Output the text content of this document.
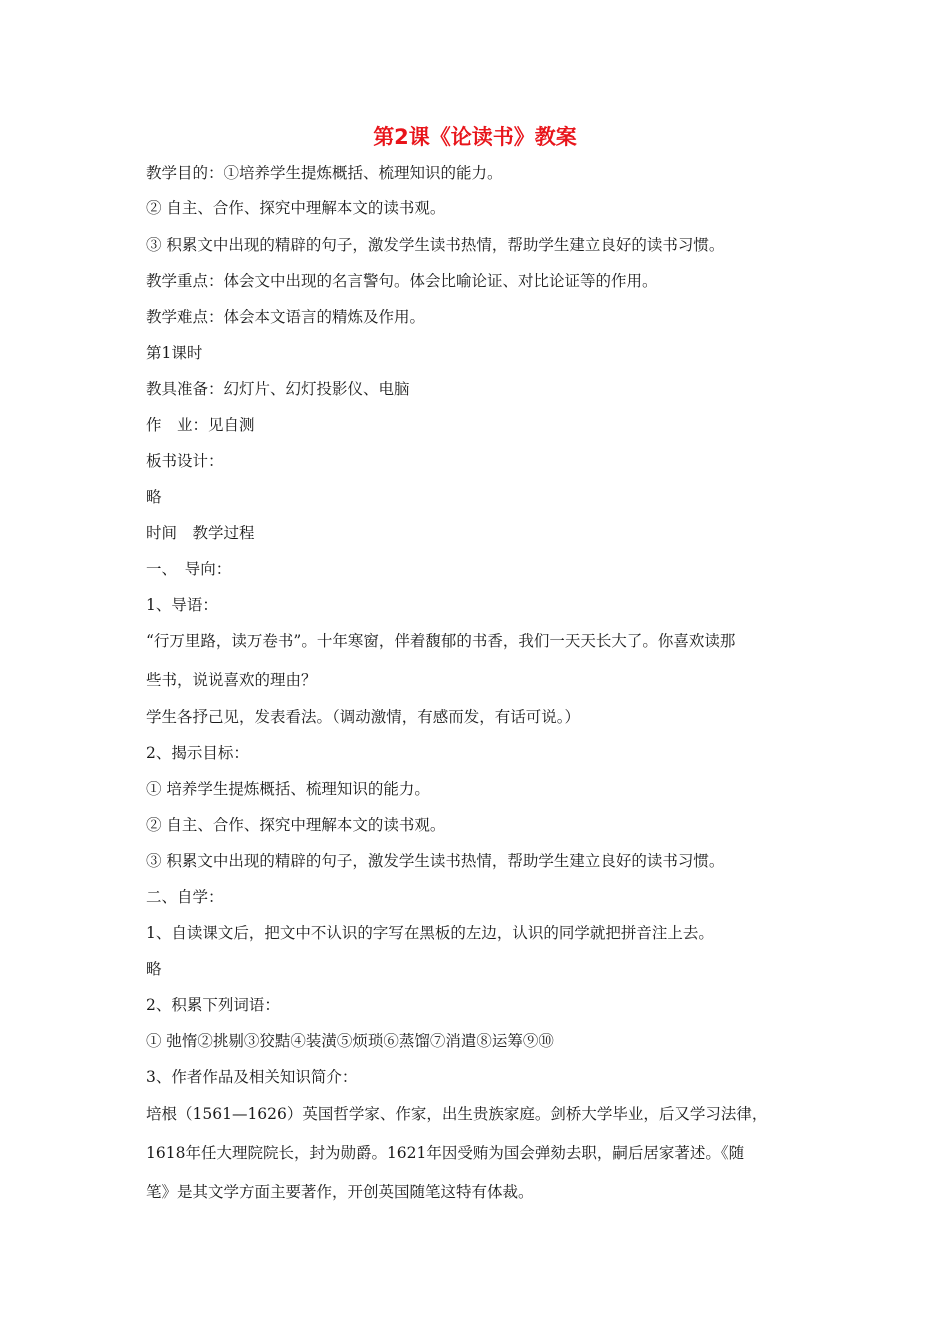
第2课《论读书》教案

教学目的：①培养学生提炼概括、梳理知识的能力。

② 自主、合作、探究中理解本文的读书观。

③ 积累文中出现的精辟的句子，激发学生读书热情，帮助学生建立良好的读书习惯。

教学重点：体会文中出现的名言警句。体会比喻论证、对比论证等的作用。

教学难点：体会本文语言的精炼及作用。

第1课时

教具准备：幻灯片、幻灯投影仪、电脑

作　业：见自测

板书设计：

略

时间　教学过程

一、　导向：

1、导语：

“行万里路，读万卷书”。十年寒窗，伴着馥郁的书香，我们一天天长大了。你喜欢读那

些书，说说喜欢的理由？

学生各抒己见，发表看法。（调动激情，有感而发，有话可说。）

2、揭示目标：

① 培养学生提炼概括、梳理知识的能力。

② 自主、合作、探究中理解本文的读书观。

③ 积累文中出现的精辟的句子，激发学生读书热情，帮助学生建立良好的读书习惯。

二、自学：

1、自读课文后，把文中不认识的字写在黑板的左边，认识的同学就把拼音注上去。

略

2、积累下列词语：

① 弛惰②挑剔③狡黠④装潢⑤烦琐⑥蒸馏⑦消遣⑧运筹⑨⑩

3、作者作品及相关知识简介：

培根（1561—1626）英国哲学家、作家，出生贵族家庭。剑桥大学毕业，后又学习法律，

1618年任大理院院长，封为勋爵。1621年因受贿为国会弹劾去职，嗣后居家著述。《随

笔》是其文学方面主要著作，开创英国随笔这特有体裁。
